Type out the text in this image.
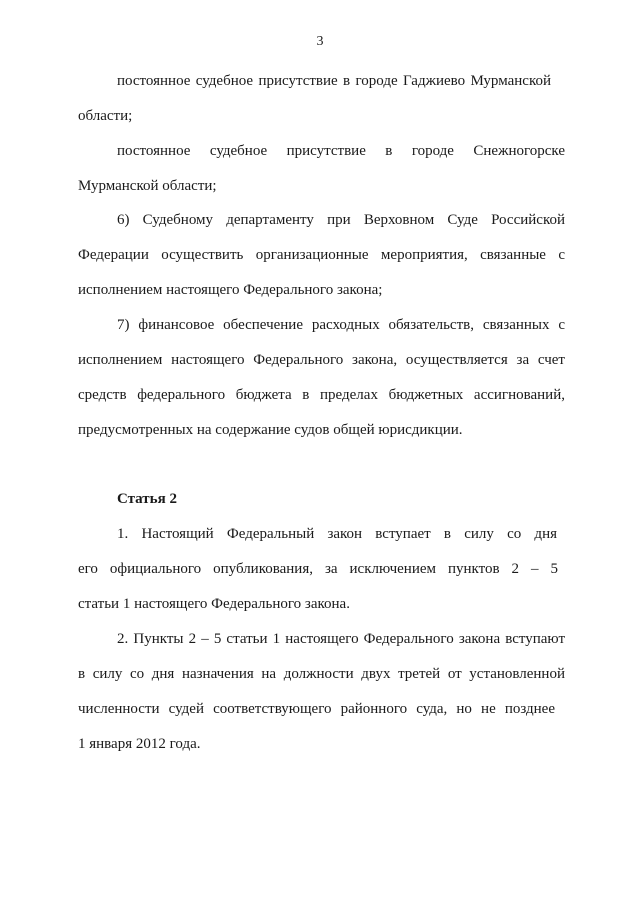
3
постоянное судебное присутствие в городе Гаджиево Мурманской
области;
постоянное судебное присутствие в городе Снежногорске
Мурманской области;
6) Судебному департаменту при Верховном Суде Российской
Федерации осуществить организационные мероприятия, связанные с
исполнением настоящего Федерального закона;
7) финансовое обеспечение расходных обязательств, связанных с
исполнением настоящего Федерального закона, осуществляется за счет
средств федерального бюджета в пределах бюджетных ассигнований,
предусмотренных на содержание судов общей юрисдикции.
Статья 2
1. Настоящий Федеральный закон вступает в силу со дня
его официального опубликования, за исключением пунктов 2 – 5
статьи 1 настоящего Федерального закона.
2. Пункты 2 – 5 статьи 1 настоящего Федерального закона вступают
в силу со дня назначения на должности двух третей от установленной
численности судей соответствующего районного суда, но не позднее
1 января 2012 года.
